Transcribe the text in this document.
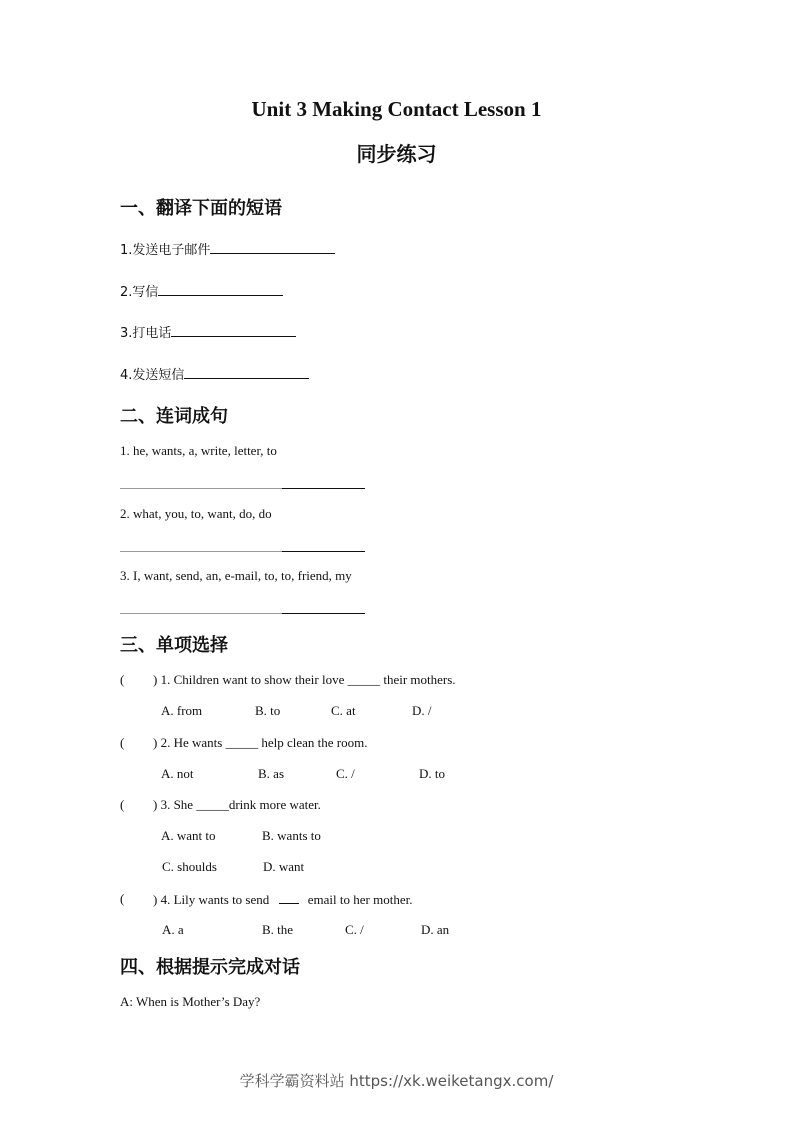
Unit 3 Making Contact Lesson 1
同步练习
一、翻译下面的短语
1.发送电子邮件
2.写信
3.打电话
4.发送短信
二、连词成句
1. he, wants, a, write, letter, to
2. what, you, to, want, do, do
3. I, want, send, an, e-mail, to, to, friend, my
三、单项选择
( ) 1. Children want to show their love _____ their mothers.
A. from	B. to	C. at	D. /
( ) 2. He wants _____ help clean the room.
A. not	B. as	C. /	D. to
( ) 3. She _____drink more water.
A. want to	B. wants to
C. shoulds	D. want
( ) 4. Lily wants to send	email to her mother.
A. a	B. the	C. /	D. an
四、根据提示完成对话
A: When is Mother’s Day?
学科学霸资料站 https://xk.weiketangx.com/
